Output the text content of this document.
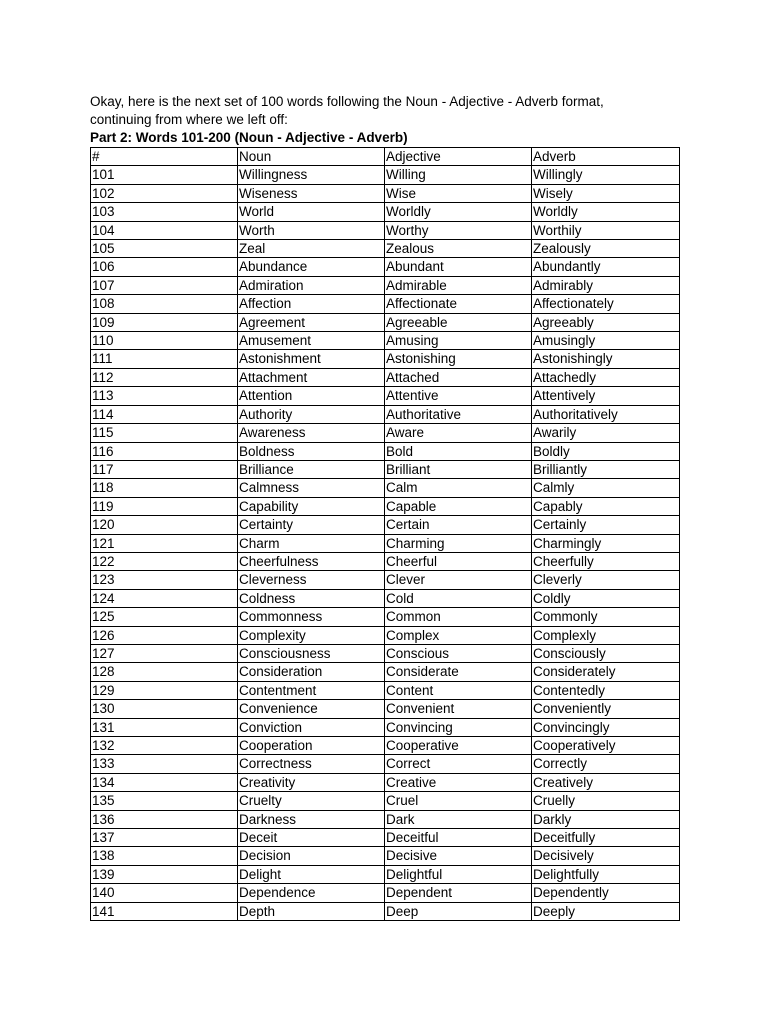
Okay, here is the next set of 100 words following the Noun - Adjective - Adverb format,
continuing from where we left off:

Part 2: Words 101-200 (Noun - Adjective - Adverb)

#	Noun	Adjective	Adverb
101	Willingness	Willing	Willingly
102	Wiseness	Wise	Wisely
103	World	Worldly	Worldly
104	Worth	Worthy	Worthily
105	Zeal	Zealous	Zealously
106	Abundance	Abundant	Abundantly
107	Admiration	Admirable	Admirably
108	Affection	Affectionate	Affectionately
109	Agreement	Agreeable	Agreeably
110	Amusement	Amusing	Amusingly
111	Astonishment	Astonishing	Astonishingly
112	Attachment	Attached	Attachedly
113	Attention	Attentive	Attentively
114	Authority	Authoritative	Authoritatively
115	Awareness	Aware	Awarily
116	Boldness	Bold	Boldly
117	Brilliance	Brilliant	Brilliantly
118	Calmness	Calm	Calmly
119	Capability	Capable	Capably
120	Certainty	Certain	Certainly
121	Charm	Charming	Charmingly
122	Cheerfulness	Cheerful	Cheerfully
123	Cleverness	Clever	Cleverly
124	Coldness	Cold	Coldly
125	Commonness	Common	Commonly
126	Complexity	Complex	Complexly
127	Consciousness	Conscious	Consciously
128	Consideration	Considerate	Considerately
129	Contentment	Content	Contentedly
130	Convenience	Convenient	Conveniently
131	Conviction	Convincing	Convincingly
132	Cooperation	Cooperative	Cooperatively
133	Correctness	Correct	Correctly
134	Creativity	Creative	Creatively
135	Cruelty	Cruel	Cruelly
136	Darkness	Dark	Darkly
137	Deceit	Deceitful	Deceitfully
138	Decision	Decisive	Decisively
139	Delight	Delightful	Delightfully
140	Dependence	Dependent	Dependently
141	Depth	Deep	Deeply
